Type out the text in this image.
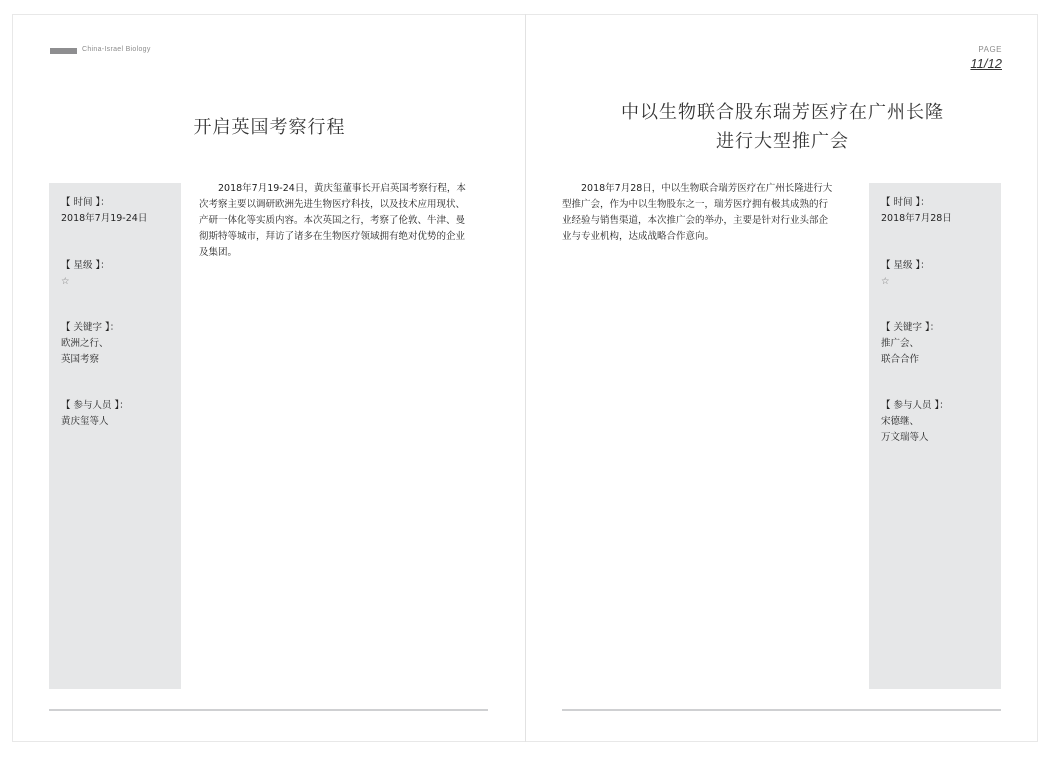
China-Israel Biology	PAGE
11/12
开启英国考察行程
【 时间 】：
2018年7月19-24日
【 星级 】：
☆
【 关键字 】：
欧洲之行、
英国考察
【 参与人员 】：
黄庆玺等人
　　2018年7月19-24日，黄庆玺董事长开启英国考察行程，本
次考察主要以调研欧洲先进生物医疗科技，以及技术应用现状、
产研一体化等实质内容。本次英国之行，考察了伦敦、牛津、曼
彻斯特等城市，拜访了诸多在生物医疗领域拥有绝对优势的企业
及集团。
中以生物联合股东瑞芳医疗在广州长隆
进行大型推广会
　　2018年7月28日，中以生物联合瑞芳医疗在广州长隆进行大
型推广会，作为中以生物股东之一，瑞芳医疗拥有极其成熟的行
业经验与销售渠道，本次推广会的举办，主要是针对行业头部企
业与专业机构，达成战略合作意向。
【 时间 】：
2018年7月28日
【 星级 】：
☆
【 关键字 】：
推广会、
联合合作
【 参与人员 】：
宋德继、
万文瑞等人
